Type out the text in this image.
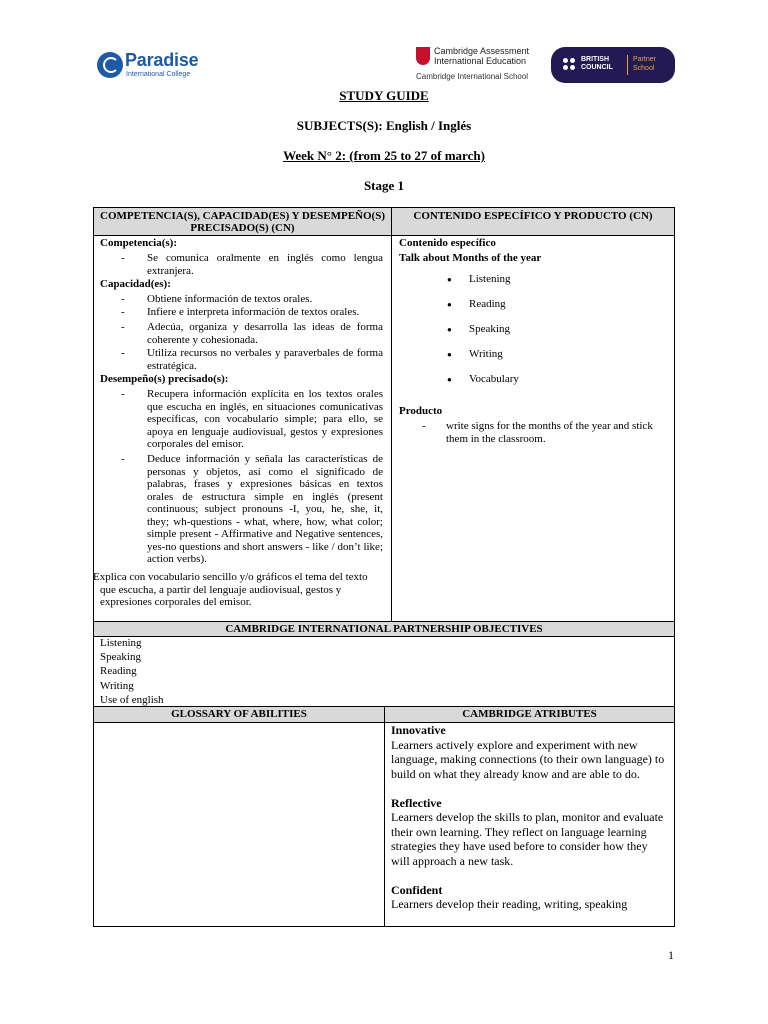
Paradise
International College
Cambridge Assessment
International Education
Cambridge International School
BRITISH
COUNCIL
Partner
School
STUDY GUIDE
SUBJECTS(S): English / Inglés
Week N° 2: (from 25 to 27 of march)
Stage 1
COMPETENCIA(S), CAPACIDAD(ES) Y DESEMPEÑO(S) PRECISADO(S) (CN)
CONTENIDO ESPECÍFICO Y PRODUCTO (CN)
Competencia(s):
- Se comunica oralmente en inglés como lengua extranjera.
Capacidad(es):
- Obtiene información de textos orales.
- Infiere e interpreta información de textos orales.
- Adecúa, organiza y desarrolla las ideas de forma coherente y cohesionada.
- Utiliza recursos no verbales y paraverbales de forma estratégica.
Desempeño(s) precisado(s):
- Recupera información explícita en los textos orales que escucha en inglés, en situaciones comunicativas específicas, con vocabulario simple; para ello, se apoya en lenguaje audiovisual, gestos y expresiones corporales del emisor.
- Deduce información y señala las características de personas y objetos, así como el significado de palabras, frases y expresiones básicas en textos orales de estructura simple en inglés (present continuous; subject pronouns -I, you, he, she, it, they; wh-questions - what, where, how, what color; simple present - Affirmative and Negative sentences, yes-no questions and short answers - like / don’t like; action verbs).
Explica con vocabulario sencillo y/o gráficos el tema del texto que escucha, a partir del lenguaje audiovisual, gestos y expresiones corporales del emisor.
Contenido específico
Talk about Months of the year
● Listening
● Reading
● Speaking
● Writing
● Vocabulary
Producto
- write signs for the months of the year and stick them in the classroom.
CAMBRIDGE INTERNATIONAL PARTNERSHIP OBJECTIVES
Listening
Speaking
Reading
Writing
Use of english
GLOSSARY OF ABILITIES	CAMBRIDGE ATRIBUTES
Innovative
Learners actively explore and experiment with new language, making connections (to their own language) to build on what they already know and are able to do.
Reflective
Learners develop the skills to plan, monitor and evaluate their own learning. They reflect on language learning strategies they have used before to consider how they will approach a new task.
Confident
Learners develop their reading, writing, speaking
1
